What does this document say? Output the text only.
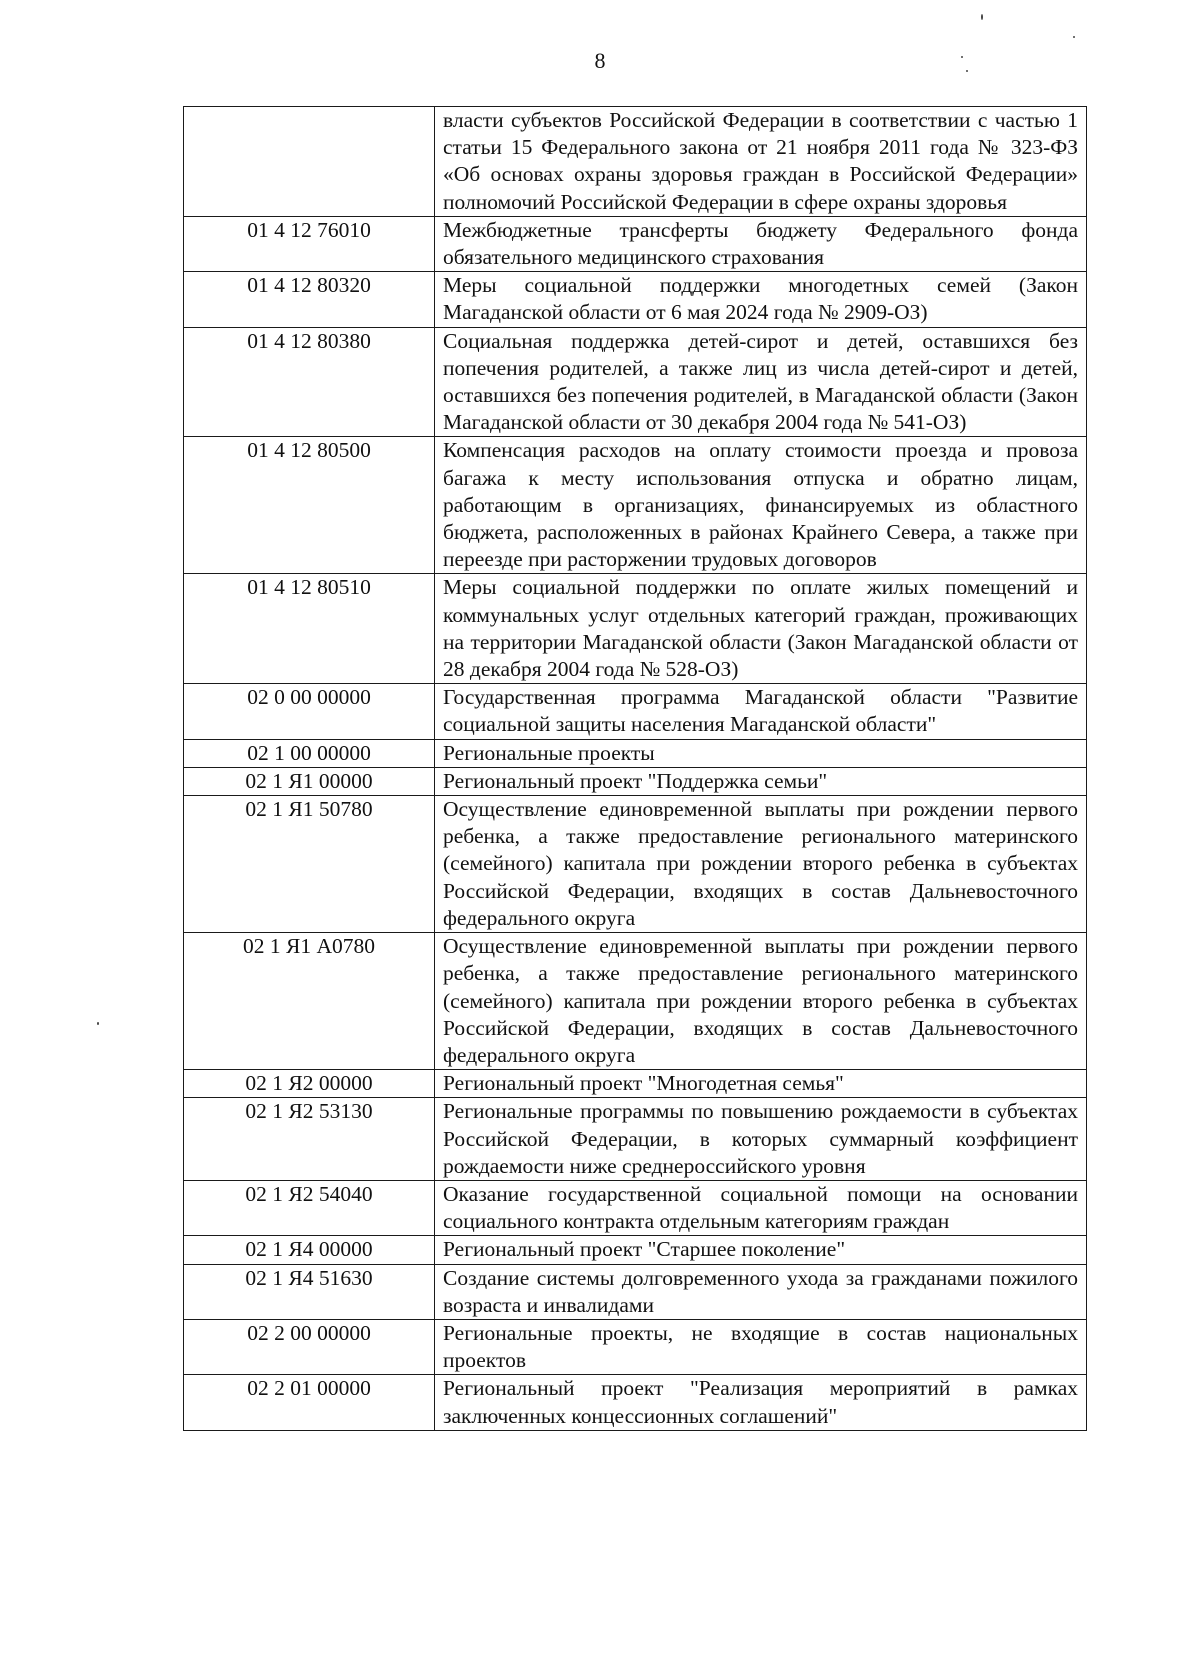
8
	власти субъектов Российской Федерации в соответствии с частью 1 статьи 15 Федерального закона от 21 ноября 2011 года № 323-ФЗ «Об основах охраны здоровья граждан в Российской Федерации» полномочий Российской Федерации в сфере охраны здоровья
01 4 12 76010	Межбюджетные трансферты бюджету Федерального фонда обязательного медицинского страхования
01 4 12 80320	Меры социальной поддержки многодетных семей (Закон Магаданской области от 6 мая 2024 года № 2909-ОЗ)
01 4 12 80380	Социальная поддержка детей-сирот и детей, оставшихся без попечения родителей, а также лиц из числа детей-сирот и детей, оставшихся без попечения родителей, в Магаданской области (Закон Магаданской области от 30 декабря 2004 года № 541-ОЗ)
01 4 12 80500	Компенсация расходов на оплату стоимости проезда и провоза багажа к месту использования отпуска и обратно лицам, работающим в организациях, финансируемых из областного бюджета, расположенных в районах Крайнего Севера, а также при переезде при расторжении трудовых договоров
01 4 12 80510	Меры социальной поддержки по оплате жилых помещений и коммунальных услуг отдельных категорий граждан, проживающих на территории Магаданской области (Закон Магаданской области от 28 декабря 2004 года № 528-ОЗ)
02 0 00 00000	Государственная программа Магаданской области "Развитие социальной защиты населения Магаданской области"
02 1 00 00000	Региональные проекты
02 1 Я1 00000	Региональный проект "Поддержка семьи"
02 1 Я1 50780	Осуществление единовременной выплаты при рождении первого ребенка, а также предоставление регионального материнского (семейного) капитала при рождении второго ребенка в субъектах Российской Федерации, входящих в состав Дальневосточного федерального округа
02 1 Я1 А0780	Осуществление единовременной выплаты при рождении первого ребенка, а также предоставление регионального материнского (семейного) капитала при рождении второго ребенка в субъектах Российской Федерации, входящих в состав Дальневосточного федерального округа
02 1 Я2 00000	Региональный проект "Многодетная семья"
02 1 Я2 53130	Региональные программы по повышению рождаемости в субъектах Российской Федерации, в которых суммарный коэффициент рождаемости ниже среднероссийского уровня
02 1 Я2 54040	Оказание государственной социальной помощи на основании социального контракта отдельным категориям граждан
02 1 Я4 00000	Региональный проект "Старшее поколение"
02 1 Я4 51630	Создание системы долговременного ухода за гражданами пожилого возраста и инвалидами
02 2 00 00000	Региональные проекты, не входящие в состав национальных проектов
02 2 01 00000	Региональный проект "Реализация мероприятий в рамках заключенных концессионных соглашений"
